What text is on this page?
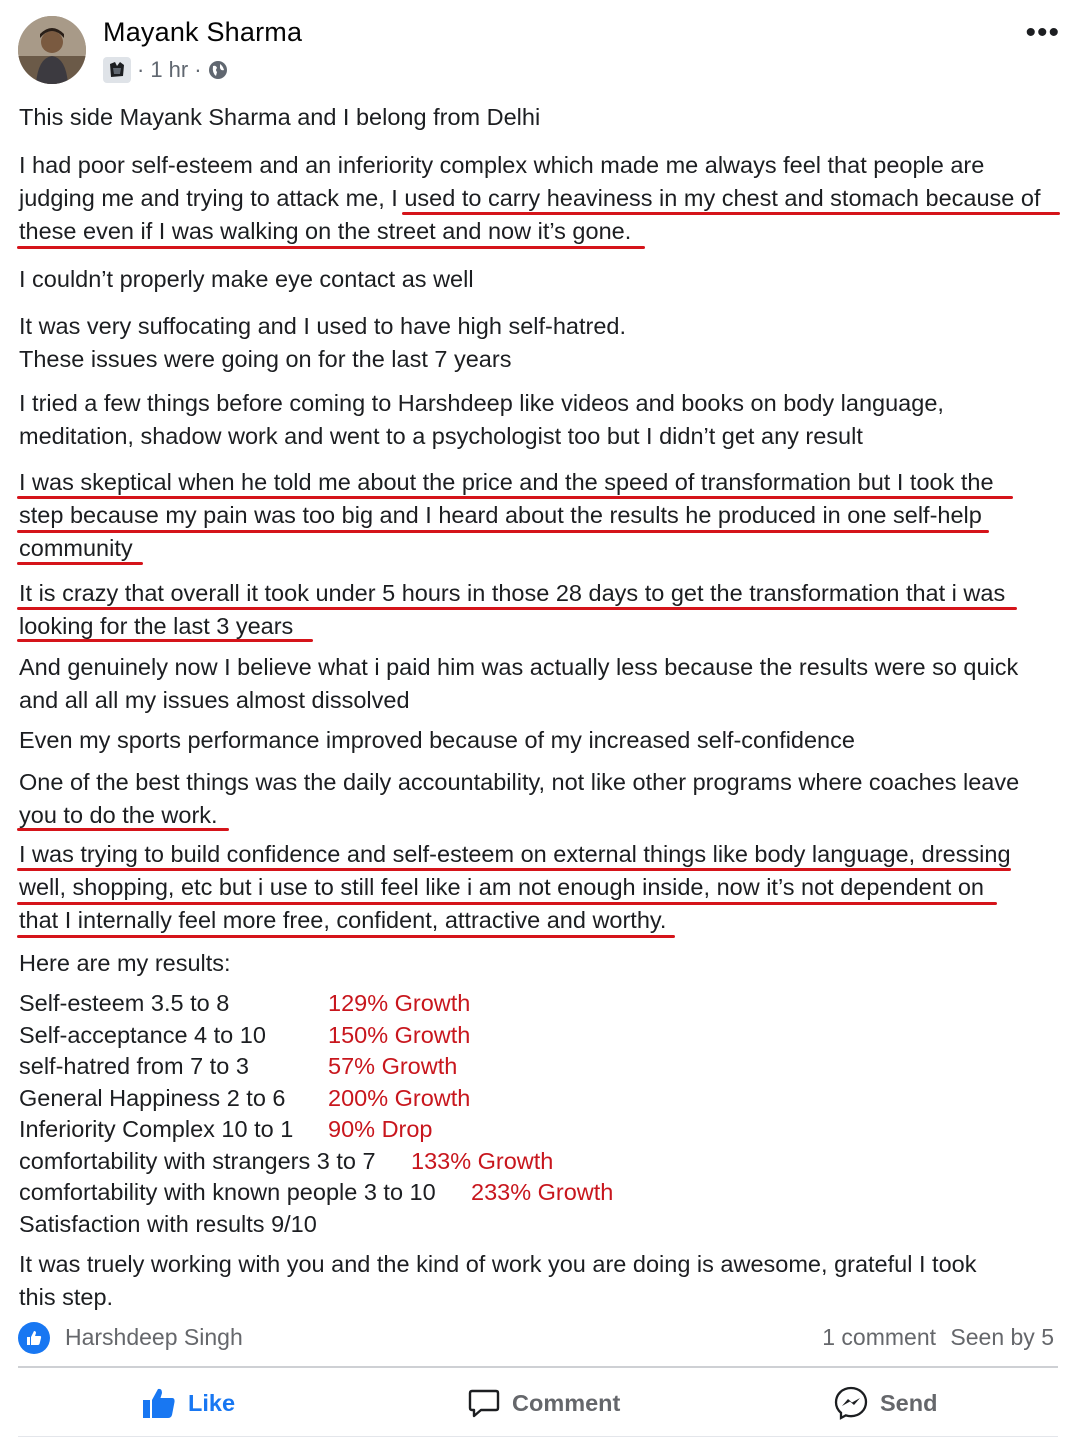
Mayank Sharma
· 1 hr ·
•••
This side Mayank Sharma and I belong from Delhi
I had poor self-esteem and an inferiority complex which made me always feel that people are
judging me and trying to attack me, I used to carry heaviness in my chest and stomach because of
these even if I was walking on the street and now it’s gone.
I couldn’t properly make eye contact as well
It was very suffocating and I used to have high self-hatred.
These issues were going on for the last 7 years
I tried a few things before coming to Harshdeep like videos and books on body language,
meditation, shadow work and went to a psychologist too but I didn’t get any result
I was skeptical when he told me about the price and the speed of transformation but I took the
step because my pain was too big and I heard about the results he produced in one self-help
community
It is crazy that overall it took under 5 hours in those 28 days to get the transformation that i was
looking for the last 3 years
And genuinely now I believe what i paid him was actually less because the results were so quick
and all all my issues almost dissolved
Even my sports performance improved because of my increased self-confidence
One of the best things was the daily accountability, not like other programs where coaches leave
you to do the work.
I was trying to build confidence and self-esteem on external things like body language, dressing
well, shopping, etc but i use to still feel like i am not enough inside, now it’s not dependent on
that I internally feel more free, confident, attractive and worthy.
Here are my results:
It was truely working with you and the kind of work you are doing is awesome, grateful I took
this step.
Self-esteem 3.5 to 8	129% Growth
Self-acceptance 4 to 10	150% Growth
self-hatred from 7 to 3	57% Growth
General Happiness 2 to 6 200% Growth
Inferiority Complex 10 to 1 90% Drop
comfortability with strangers 3 to 7 133% Growth
comfortability with known people 3 to 10 233% Growth
Satisfaction with results 9/10
Harshdeep Singh	1 comment Seen by 5
Like	Comment	Send
